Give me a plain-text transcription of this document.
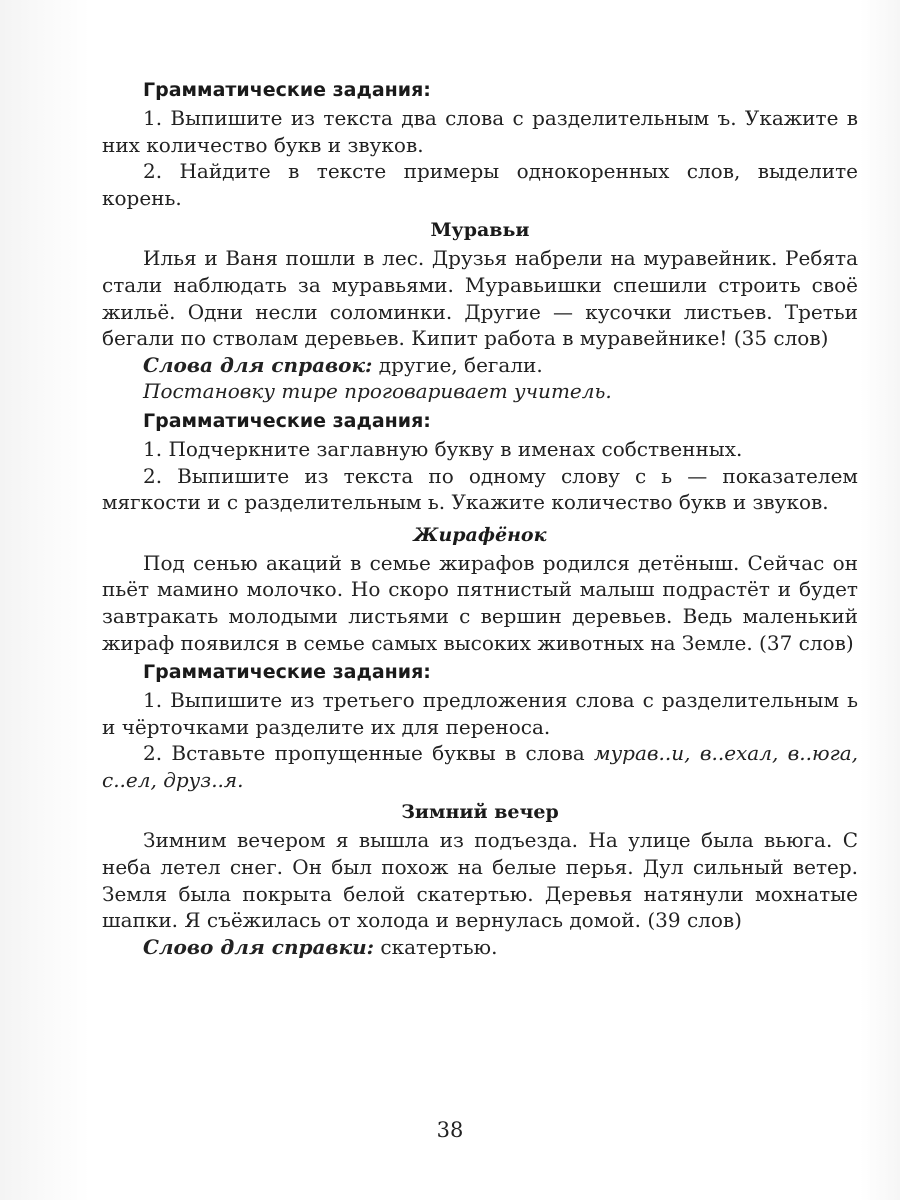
Грамматические задания:

1. Выпишите из текста два слова с разделительным ъ. Укажите в них количество букв и звуков.

2. Найдите в тексте примеры однокоренных слов, выделите корень.

Муравьи

Илья и Ваня пошли в лес. Друзья набрели на муравейник. Ребята стали наблюдать за муравьями. Муравьишки спешили строить своё жильё. Одни несли соломинки. Другие — кусочки листьев. Третьи бегали по стволам деревьев. Кипит работа в муравейнике! (35 слов)

Слова для справок: другие, бегали.

Постановку тире проговаривает учитель.

Грамматические задания:

1. Подчеркните заглавную букву в именах собственных.

2. Выпишите из текста по одному слову с ь — показателем мягкости и с разделительным ь. Укажите количество букв и звуков.

Жирафёнок

Под сенью акаций в семье жирафов родился детёныш. Сейчас он пьёт мамино молочко. Но скоро пятнистый малыш подрастёт и будет завтракать молодыми листьями с вершин деревьев. Ведь маленький жираф появился в семье самых высоких животных на Земле. (37 слов)

Грамматические задания:

1. Выпишите из третьего предложения слова с разделительным ь и чёрточками разделите их для переноса.

2. Вставьте пропущенные буквы в слова мурав..и, в..ехал, в..юга, с..ел, друз..я.

Зимний вечер

Зимним вечером я вышла из подъезда. На улице была вьюга. С неба летел снег. Он был похож на белые перья. Дул сильный ветер. Земля была покрыта белой скатертью. Деревья натянули мохнатые шапки. Я съёжилась от холода и вернулась домой. (39 слов)

Слово для справки: скатертью.

38
